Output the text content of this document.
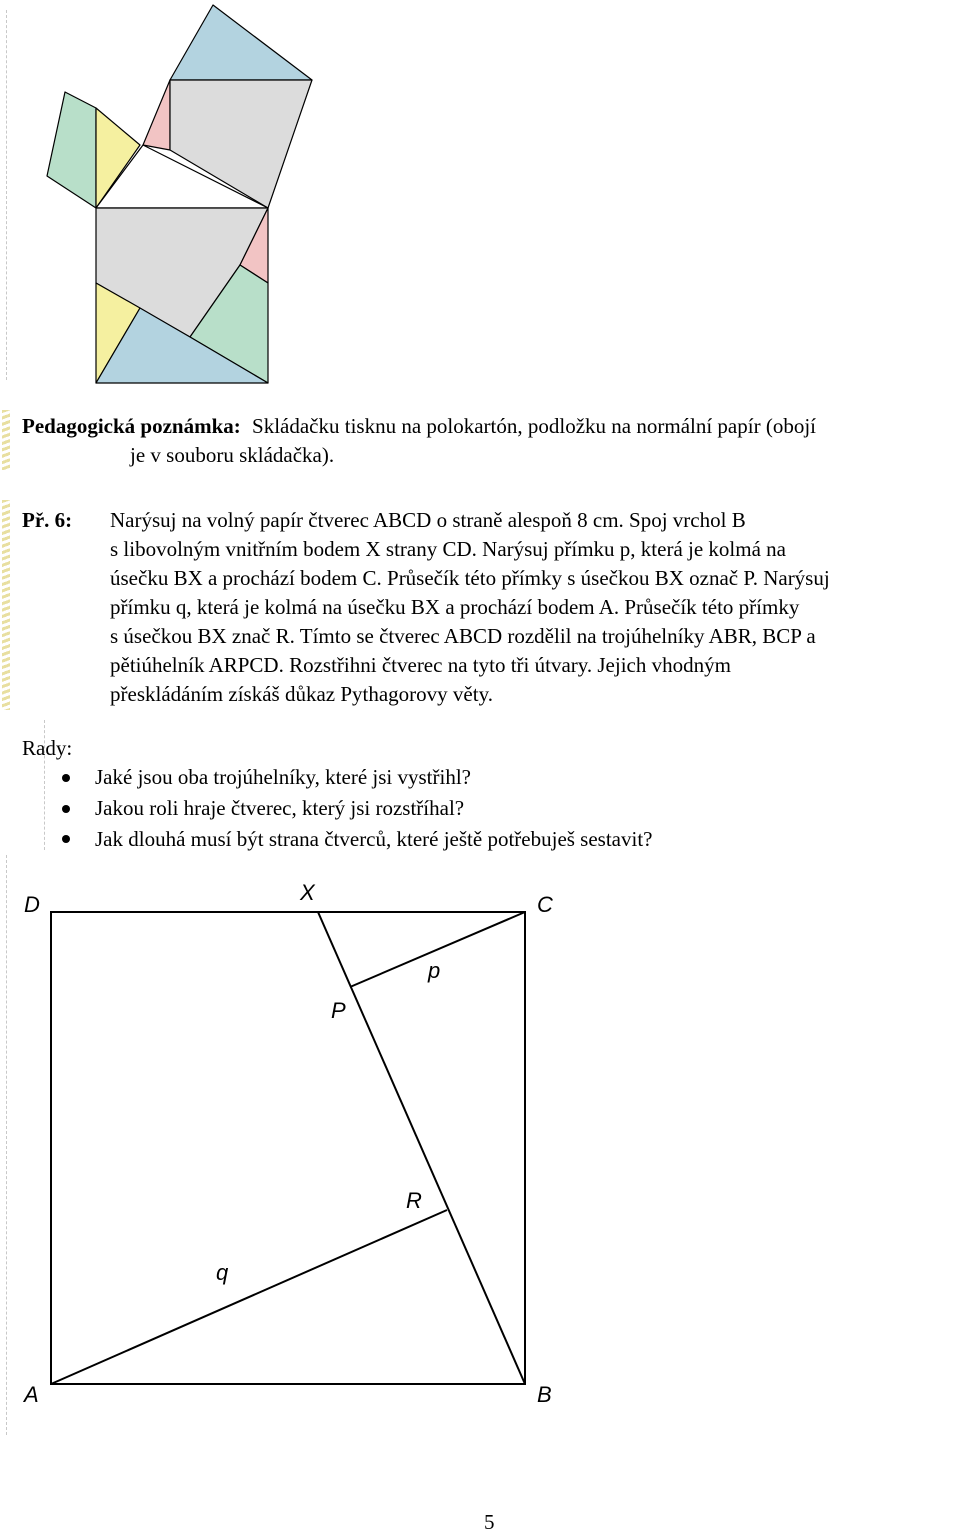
Pedagogická poznámka: Skládačku tisknu na polokartón, podložku na normální papír (obojí
je v souboru skládačka).
Př. 6: Narýsuj na volný papír čtverec ABCD o straně alespoň 8 cm. Spoj vrchol B
s libovolným vnitřním bodem X strany CD. Narýsuj přímku p, která je kolmá na
úsečku BX a prochází bodem C. Průsečík této přímky s úsečkou BX označ P. Narýsuj
přímku q, která je kolmá na úsečku BX a prochází bodem A. Průsečík této přímky
s úsečkou BX znač R. Tímto se čtverec ABCD rozdělil na trojúhelníky ABR, BCP a
pětiúhelník ARPCD. Rozstřihni čtverec na tyto tři útvary. Jejich vhodným
přeskládáním získáš důkaz Pythagorovy věty.
Rady:
Jaké jsou oba trojúhelníky, které jsi vystřihl?
Jakou roli hraje čtverec, který jsi rozstříhal?
Jak dlouhá musí být strana čtverců, které ještě potřebuješ sestavit?
D	X	C
p
P
R
q
A	B
5
